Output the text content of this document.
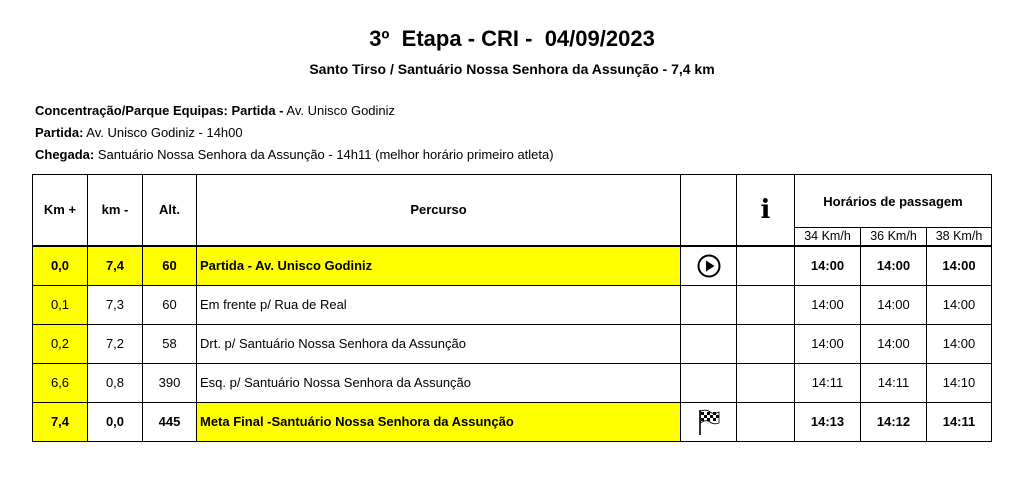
3º  Etapa - CRI -  04/09/2023
Santo Tirso / Santuário Nossa Senhora da Assunção - 7,4 km
Concentração/Parque Equipas: Partida - Av. Unisco Godiniz
Partida: Av. Unisco Godiniz - 14h00
Chegada: Santuário Nossa Senhora da Assunção - 14h11 (melhor horário primeiro atleta)
Km +	km -	Alt.	Percurso		i	Horários de passagem		
						34 Km/h	36 Km/h	38 Km/h
0,0	7,4	60	Partida - Av. Unisco Godiniz			14:00	14:00	14:00
0,1	7,3	60	Em frente p/ Rua de Real			14:00	14:00	14:00
0,2	7,2	58	Drt. p/ Santuário Nossa Senhora da Assunção			14:00	14:00	14:00
6,6	0,8	390	Esq. p/ Santuário Nossa Senhora da Assunção			14:11	14:11	14:10
7,4	0,0	445	Meta Final -Santuário Nossa Senhora da Assunção			14:13	14:12	14:11
